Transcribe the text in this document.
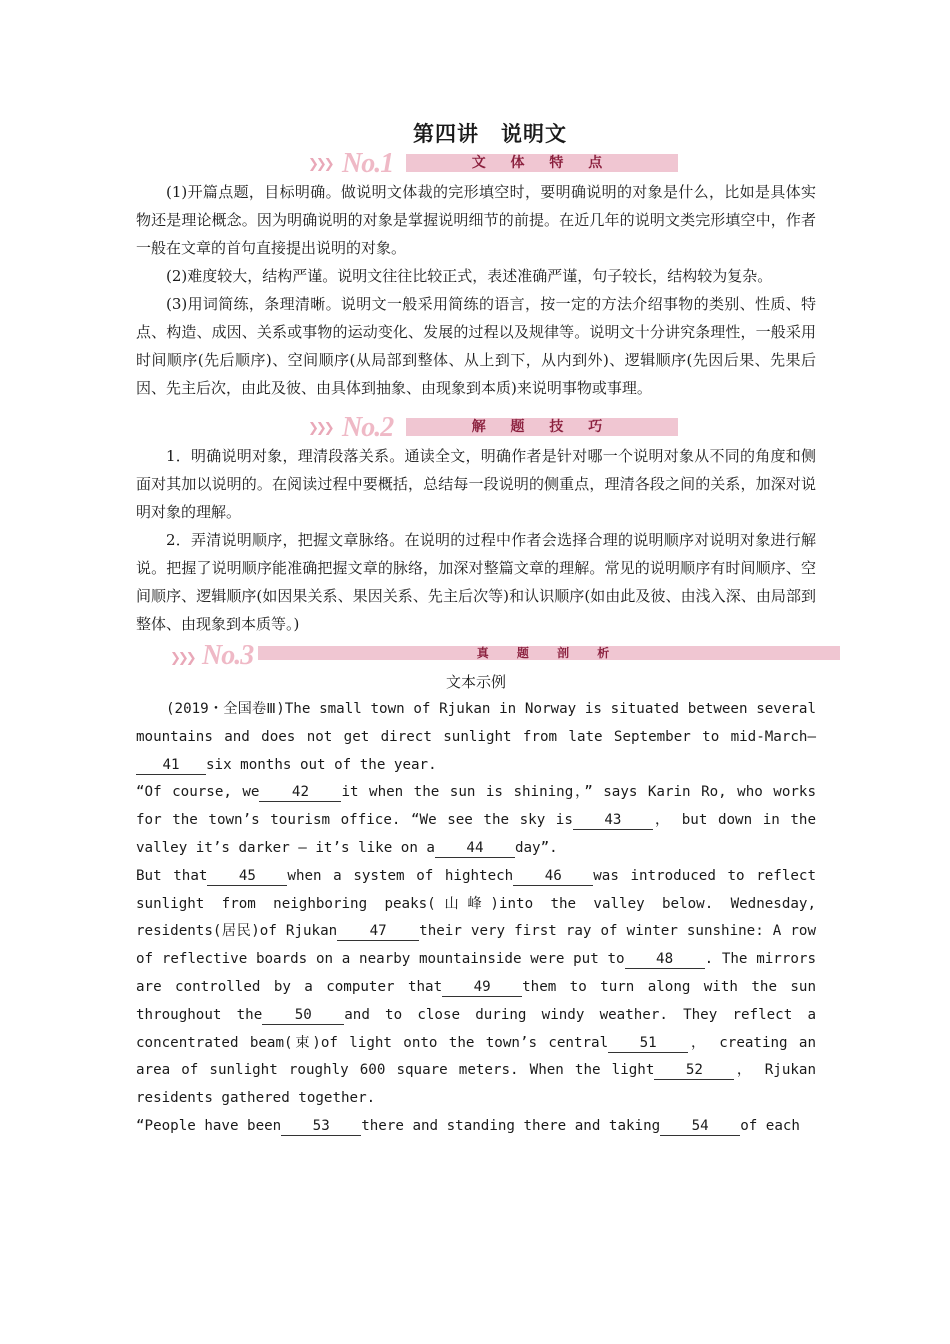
第四讲　说明文
❯❯❯ No.1	文 体 特 点

(1)开篇点题，目标明确。做说明文体裁的完形填空时，要明确说明的对象是什么，比如是具体实物还是理论概念。因为明确说明的对象是掌握说明细节的前提。在近几年的说明文类完形填空中，作者一般在文章的首句直接提出说明的对象。

(2)难度较大，结构严谨。说明文往往比较正式，表述准确严谨，句子较长，结构较为复杂。

(3)用词简练，条理清晰。说明文一般采用简练的语言，按一定的方法介绍事物的类别、性质、特点、构造、成因、关系或事物的运动变化、发展的过程以及规律等。说明文十分讲究条理性，一般采用时间顺序(先后顺序)、空间顺序(从局部到整体、从上到下，从内到外)、逻辑顺序(先因后果、先果后因、先主后次，由此及彼、由具体到抽象、由现象到本质)来说明事物或事理。

❯❯❯ No.2	解 题 技 巧

1．明确说明对象，理清段落关系。通读全文，明确作者是针对哪一个说明对象从不同的角度和侧面对其加以说明的。在阅读过程中要概括，总结每一段说明的侧重点，理清各段之间的关系，加深对说明对象的理解。

2．弄清说明顺序，把握文章脉络。在说明的过程中作者会选择合理的说明顺序对说明对象进行解说。把握了说明顺序能准确把握文章的脉络，加深对整篇文章的理解。常见的说明顺序有时间顺序、空间顺序、逻辑顺序(如因果关系、果因关系、先主后次等)和认识顺序(如由此及彼、由浅入深、由局部到整体、由现象到本质等。)

❯❯❯ No.3	真 题 剖 析
文本示例

(2019・全国卷Ⅲ)The small town of Rjukan in Norway is situated between several mountains and does not get direct sunlight from late September to mid-March—41 six months out of the year.

“Of course, we 42 it when the sun is shining，” says Karin Ro, who works for the town’s tourism office. “We see the sky is 43 ， but down in the valley it’s darker — it’s like on a 44 day”.

But that 45 when a system of hightech 46 was introduced to reflect sunlight from neighboring peaks(山峰)into the valley below. Wednesday, residents(居民)of Rjukan 47 their very first ray of winter sunshine: A row of reflective boards on a nearby mountainside were put to 48 . The mirrors are controlled by a computer that 49 them to turn along with the sun throughout the 50 and to close during windy weather. They reflect a concentrated beam(束)of light onto the town’s central 51 ， creating an area of sunlight roughly 600 square meters. When the light 52 ， Rjukan residents gathered together.

“People have been 53 there and standing there and taking 54 of each
